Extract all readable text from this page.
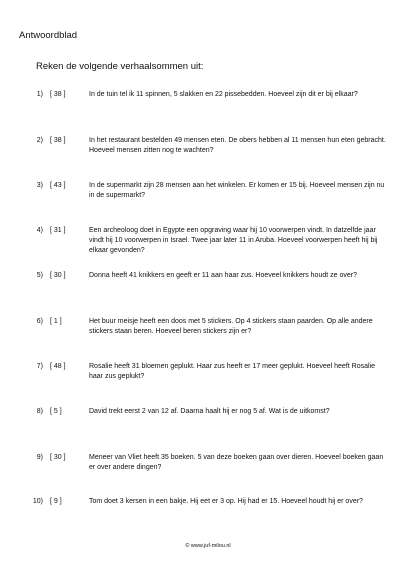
Antwoordblad
Reken de volgende verhaalsommen uit:
1) [ 38 ]	In de tuin tel ik 11 spinnen, 5 slakken en 22 pissebedden. Hoeveel zijn dit er bij elkaar?
2) [ 38 ]	In het restaurant bestelden 49 mensen eten. De obers hebben al 11 mensen hun eten gebracht. Hoeveel mensen zitten nog te wachten?
3) [ 43 ]	In de supermarkt zijn 28 mensen aan het winkelen. Er komen er 15 bij. Hoeveel mensen zijn nu in de supermarkt?
4) [ 31 ]	Een archeoloog doet in Egypte een opgraving waar hij 10 voorwerpen vindt. In datzelfde jaar vindt hij 10 voorwerpen in Israel. Twee jaar later 11 in Aruba. Hoeveel voorwerpen heeft hij bij elkaar gevonden?
5) [ 30 ]	Donna heeft 41 knikkers en geeft er 11 aan haar zus. Hoeveel knikkers houdt ze over?
6) [ 1 ]	Het buur meisje heeft een doos met 5 stickers. Op 4 stickers staan paarden. Op alle andere stickers staan beren. Hoeveel beren stickers zijn er?
7) [ 48 ]	Rosalie heeft 31 bloemen geplukt. Haar zus heeft er 17 meer geplukt. Hoeveel heeft Rosalie haar zus geplukt?
8) [ 5 ]	David trekt eerst 2 van 12 af. Daarna haalt hij er nog 5 af. Wat is de uitkomst?
9) [ 30 ]	Meneer van Vliet heeft 35 boeken. 5 van deze boeken gaan over dieren. Hoeveel boeken gaan er over andere dingen?
10) [ 9 ]	Tom doet 3 kersen in een bakje. Hij eet er 3 op. Hij had er 15. Hoeveel houdt hij er over?
© www.juf-milou.nl
